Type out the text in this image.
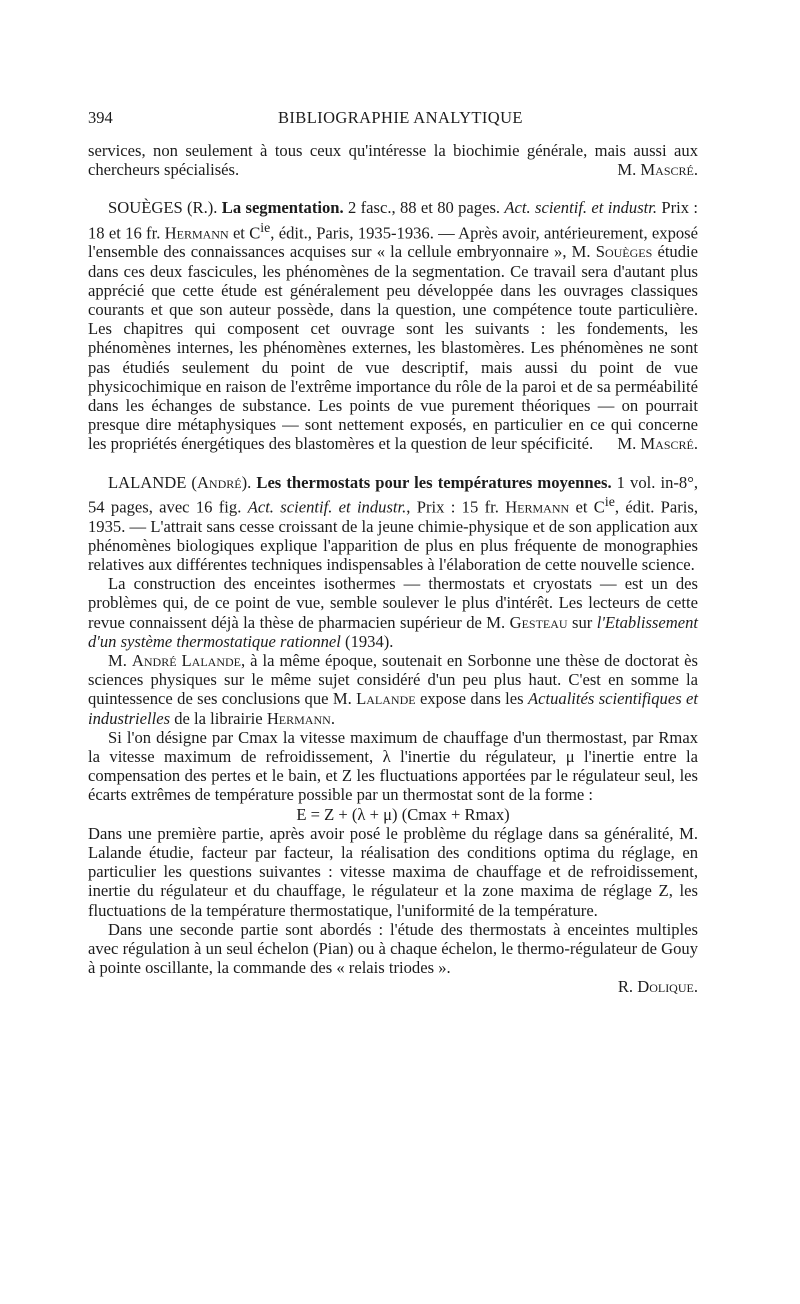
394	BIBLIOGRAPHIE ANALYTIQUE

services, non seulement à tous ceux qu'intéresse la biochimie générale, mais aussi aux chercheurs spécialisés.	M. Mascré.

SOUÈGES (R.). La segmentation. 2 fasc., 88 et 80 pages. Act. scientif. et industr. Prix : 18 et 16 fr. Hermann et $C^{ie}$, édit., Paris, 1935-1936. — Après avoir, antérieurement, exposé l'ensemble des connaissances acquises sur « la cellule embryonnaire », M. Souèges étudie dans ces deux fascicules, les phénomènes de la segmentation. Ce travail sera d'autant plus apprécié que cette étude est généralement peu développée dans les ouvrages classiques courants et que son auteur possède, dans la question, une compétence toute particulière. Les chapitres qui composent cet ouvrage sont les suivants : les fondements, les phénomènes internes, les phénomènes externes, les blastomères. Les phénomènes ne sont pas étudiés seulement du point de vue descriptif, mais aussi du point de vue physicochimique en raison de l'extrême importance du rôle de la paroi et de sa perméabilité dans les échanges de substance. Les points de vue purement théoriques — on pourrait presque dire métaphysiques — sont nettement exposés, en particulier en ce qui concerne les propriétés énergétiques des blastomères et la question de leur spécificité.	M. Mascré.

LALANDE (André). Les thermostats pour les températures moyennes. 1 vol. in-8°, 54 pages, avec 16 fig. Act. scientif. et industr., Prix : 15 fr. Hermann et $C^{ie}$, édit. Paris, 1935. — L'attrait sans cesse croissant de la jeune chimie-physique et de son application aux phénomènes biologiques explique l'apparition de plus en plus fréquente de monographies relatives aux différentes techniques indispensables à l'élaboration de cette nouvelle science.

La construction des enceintes isothermes — thermostats et cryostats — est un des problèmes qui, de ce point de vue, semble soulever le plus d'intérêt. Les lecteurs de cette revue connaissent déjà la thèse de pharmacien supérieur de M. Gesteau sur l'Etablissement d'un système thermostatique rationnel (1934).

M. André Lalande, à la même époque, soutenait en Sorbonne une thèse de doctorat ès sciences physiques sur le même sujet considéré d'un peu plus haut. C'est en somme la quintessence de ses conclusions que M. Lalande expose dans les Actualités scientifiques et industrielles de la librairie Hermann.

Si l'on désigne par Cmax la vitesse maximum de chauffage d'un thermostast, par Rmax la vitesse maximum de refroidissement, λ l'inertie du régulateur, μ l'inertie entre la compensation des pertes et le bain, et Z les fluctuations apportées par le régulateur seul, les écarts extrêmes de température possible par un thermostat sont de la forme :

E = Z + (λ + μ) (Cmax + Rmax)

Dans une première partie, après avoir posé le problème du réglage dans sa généralité, M. Lalande étudie, facteur par facteur, la réalisation des conditions optima du réglage, en particulier les questions suivantes : vitesse maxima de chauffage et de refroidissement, inertie du régulateur et du chauffage, le régulateur et la zone maxima de réglage Z, les fluctuations de la température thermostatique, l'uniformité de la température.

Dans une seconde partie sont abordés : l'étude des thermostats à enceintes multiples avec régulation à un seul échelon (Pian) ou à chaque échelon, le thermo-régulateur de Gouy à pointe oscillante, la commande des « relais triodes ».

R. Dolique.
